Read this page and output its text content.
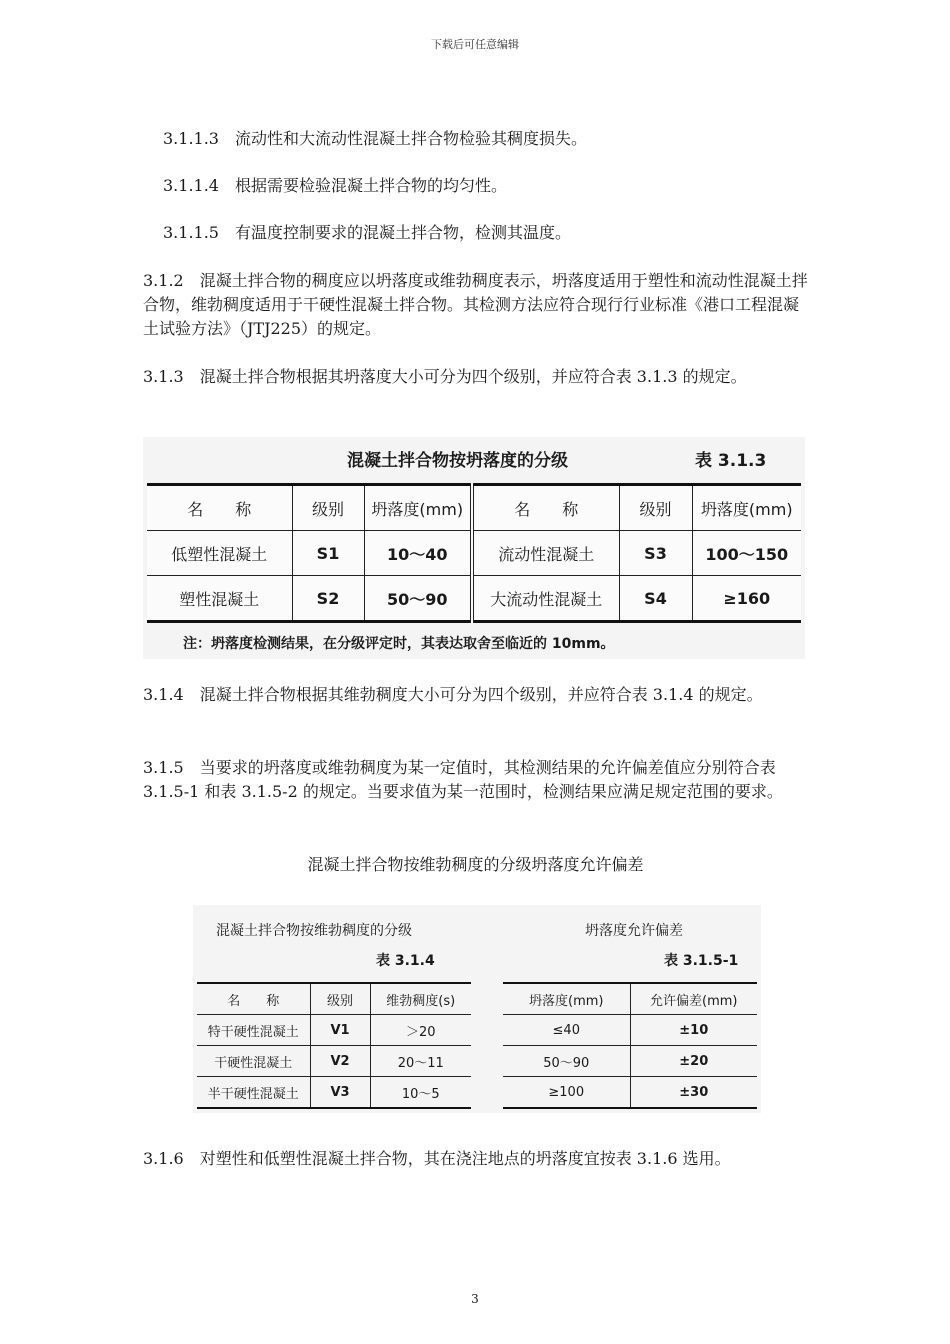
下载后可任意编辑
3.1.1.3　流动性和大流动性混凝土拌合物检验其稠度损失。
3.1.1.4　根据需要检验混凝土拌合物的均匀性。
3.1.1.5　有温度控制要求的混凝土拌合物，检测其温度。
3.1.2　混凝土拌合物的稠度应以坍落度或维勃稠度表示，坍落度适用于塑性和流动性混凝土拌合物，维勃稠度适用于干硬性混凝土拌合物。其检测方法应符合现行行业标准《港口工程混凝土试验方法》（JTJ225）的规定。
3.1.3　混凝土拌合物根据其坍落度大小可分为四个级别，并应符合表 3.1.3 的规定。
混凝土拌合物按坍落度的分级	表 3.1.3
名　　称	级别	坍落度(mm)	名　　称	级别	坍落度(mm)
低塑性混凝土	S1	10～40	流动性混凝土	S3	100～150
塑性混凝土	S2	50～90	大流动性混凝土	S4	≥160
注：坍落度检测结果，在分级评定时，其表达取舍至临近的 10mm。
3.1.4　混凝土拌合物根据其维勃稠度大小可分为四个级别，并应符合表 3.1.4 的规定。
3.1.5　当要求的坍落度或维勃稠度为某一定值时，其检测结果的允许偏差值应分别符合表 3.1.5-1 和表 3.1.5-2 的规定。当要求值为某一范围时，检测结果应满足规定范围的要求。
混凝土拌合物按维勃稠度的分级坍落度允许偏差
混凝土拌合物按维勃稠度的分级
表 3.1.4
名　　称	级别	维勃稠度(s)
特干硬性混凝土	V1	＞20
干硬性混凝土	V2	20～11
半干硬性混凝土	V3	10～5
坍落度允许偏差
表 3.1.5-1
坍落度(mm)	允许偏差(mm)
≤40	±10
50～90	±20
≥100	±30
3.1.6　对塑性和低塑性混凝土拌合物，其在浇注地点的坍落度宜按表 3.1.6 选用。
3
